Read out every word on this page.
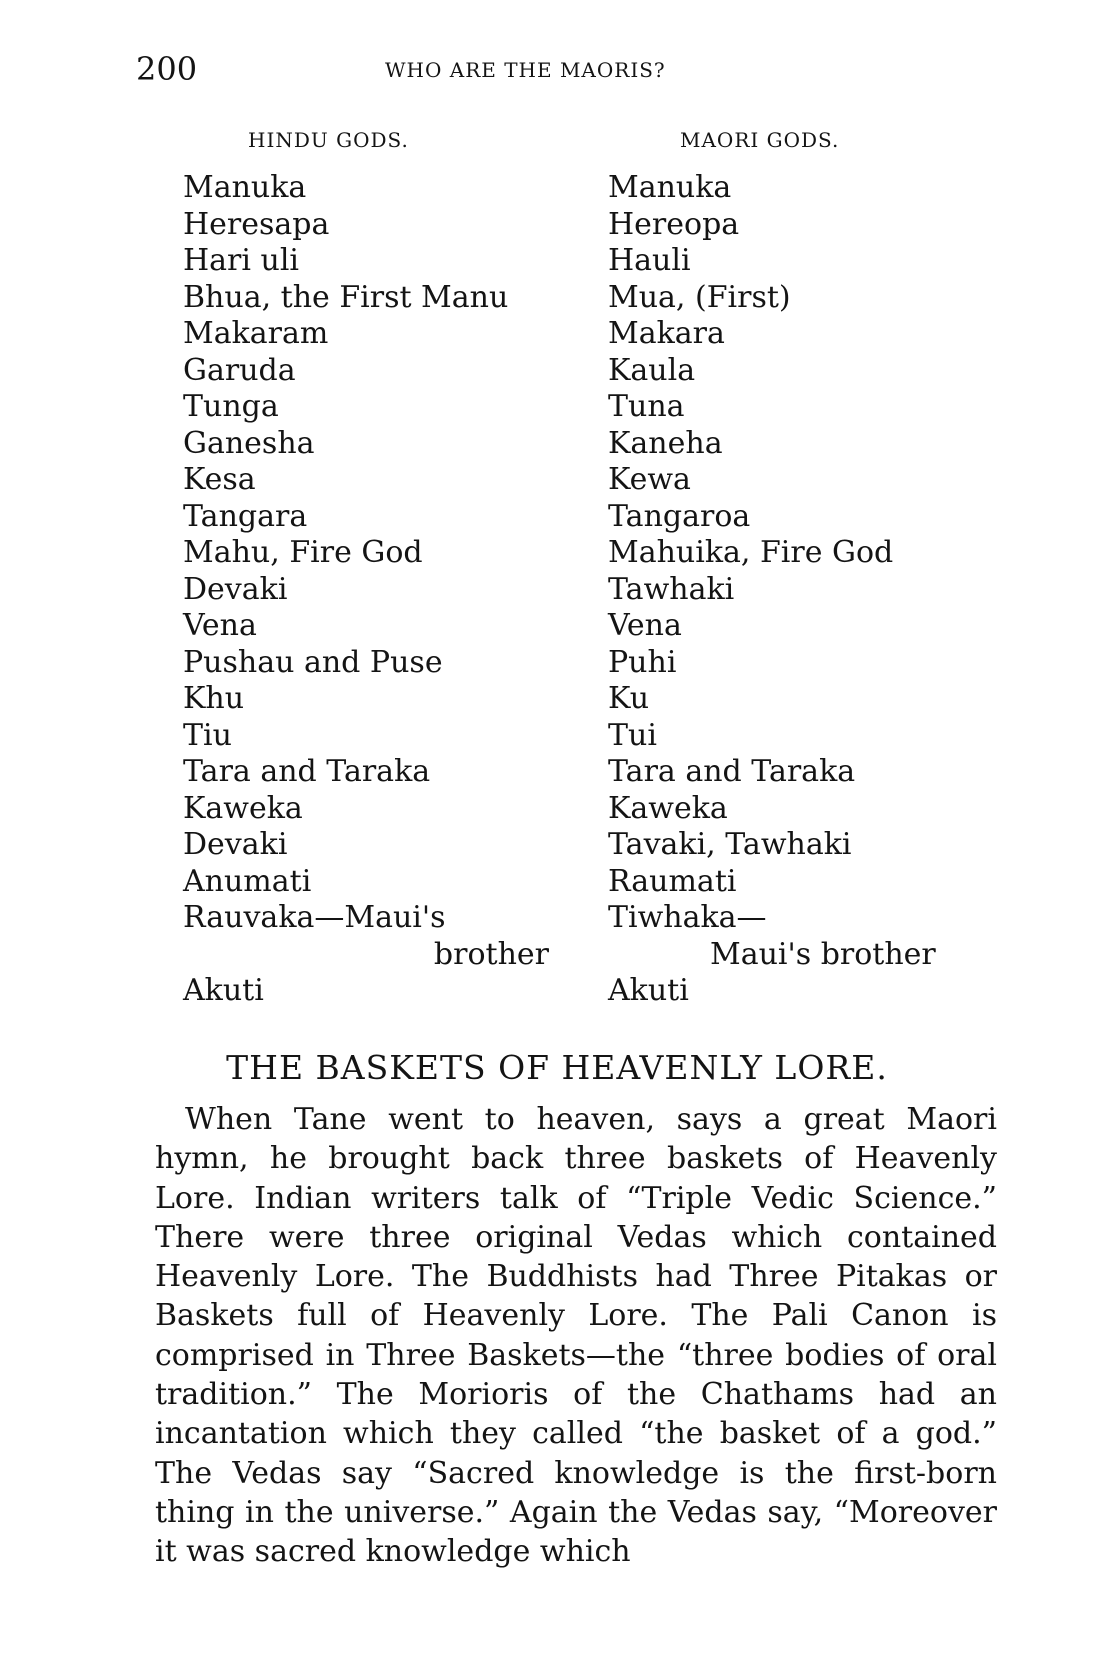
200	WHO ARE THE MAORIS?
HINDU GODS.	MAORI GODS.
Manuka
Heresapa
Hari uli
Bhua, the First Manu
Makaram
Garuda
Tunga
Ganesha
Kesa
Tangara
Mahu, Fire God
Devaki
Vena
Pushau and Puse
Khu
Tiu
Tara and Taraka
Kaweka
Devaki
Anumati
Rauvaka—Maui's
brother
Akuti
Manuka
Hereopa
Hauli
Mua, (First)
Makara
Kaula
Tuna
Kaneha
Kewa
Tangaroa
Mahuika, Fire God
Tawhaki
Vena
Puhi
Ku
Tui
Tara and Taraka
Kaweka
Tavaki, Tawhaki
Raumati
Tiwhaka—
Maui's brother
Akuti
THE BASKETS OF HEAVENLY LORE.

When Tane went to heaven, says a great Maori hymn, he brought back three baskets of Heavenly Lore. Indian writers talk of “Triple Vedic Science.” There were three original Vedas which contained Heavenly Lore. The Buddhists had Three Pitakas or Baskets full of Heavenly Lore. The Pali Canon is comprised in Three Baskets—the “three bodies of oral tradition.” The Morioris of the Chathams had an incantation which they called “the basket of a god.” The Vedas say “Sacred knowledge is the first-born thing in the universe.” Again the Vedas say, “Moreover it was sacred knowledge which
